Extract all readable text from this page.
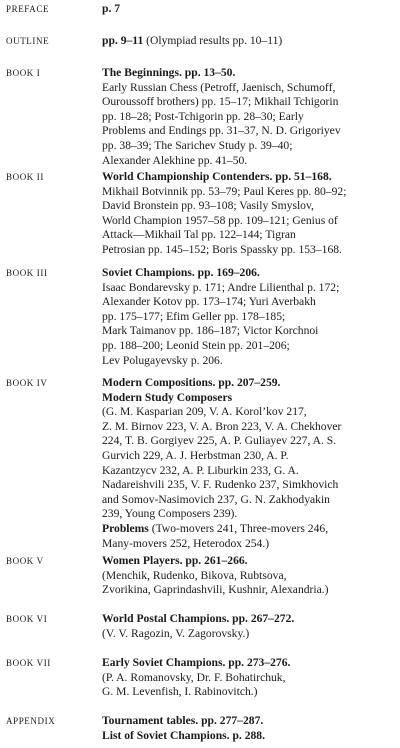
PREFACE	p. 7
OUTLINE	pp. 9–11 (Olympiad results pp. 10–11)
BOOK I	The Beginnings. pp. 13–50.
Early Russian Chess (Petroff, Jaenisch, Schumoff,
Ouroussoff brothers) pp. 15–17; Mikhail Tchigorin
pp. 18–28; Post-Tchigorin pp. 28–30; Early
Problems and Endings pp. 31–37, N. D. Grigoriyev
pp. 38–39; The Sarichev Study p. 39–40;
Alexander Alekhine pp. 41–50.
BOOK II	World Championship Contenders. pp. 51–168.
Mikhail Botvinnik pp. 53–79; Paul Keres pp. 80–92;
David Bronstein pp. 93–108; Vasily Smyslov,
World Champion 1957–58 pp. 109–121; Genius of
Attack—Mikhail Tal pp. 122–144; Tigran
Petrosian pp. 145–152; Boris Spassky pp. 153–168.
BOOK III	Soviet Champions. pp. 169–206.
Isaac Bondarevsky p. 171; Andre Lilienthal p. 172;
Alexander Kotov pp. 173–174; Yuri Averbakh
pp. 175–177; Efim Geller pp. 178–185;
Mark Taimanov pp. 186–187; Victor Korchnoi
pp. 188–200; Leonid Stein pp. 201–206;
Lev Polugayevsky p. 206.
BOOK IV	Modern Compositions. pp. 207–259.
Modern Study Composers
(G. M. Kasparian 209, V. A. Korol’kov 217,
Z. M. Birnov 223, V. A. Bron 223, V. A. Chekhover
224, T. B. Gorgiyev 225, A. P. Guliayev 227, A. S.
Gurvich 229, A. J. Herbstman 230, A. P.
Kazantzycv 232, A. P. Liburkin 233, G. A.
Nadareishvili 235, V. F. Rudenko 237, Simkhovich
and Somov-Nasimovich 237, G. N. Zakhodyakin
239, Young Composers 239).
Problems (Two-movers 241, Three-movers 246,
Many-movers 252, Heterodox 254.)
BOOK V	Women Players. pp. 261–266.
(Menchik, Rudenko, Bikova, Rubtsova,
Zvorikina, Gaprindashvili, Kushnir, Alexandria.)
BOOK VI	World Postal Champions. pp. 267–272.
(V. V. Ragozin, V. Zagorovsky.)
BOOK VII	Early Soviet Champions. pp. 273–276.
(P. A. Romanovsky, Dr. F. Bohatirchuk,
G. M. Levenfish, I. Rabinovitch.)
APPENDIX	Tournament tables. pp. 277–287.
List of Soviet Champions. p. 288.
